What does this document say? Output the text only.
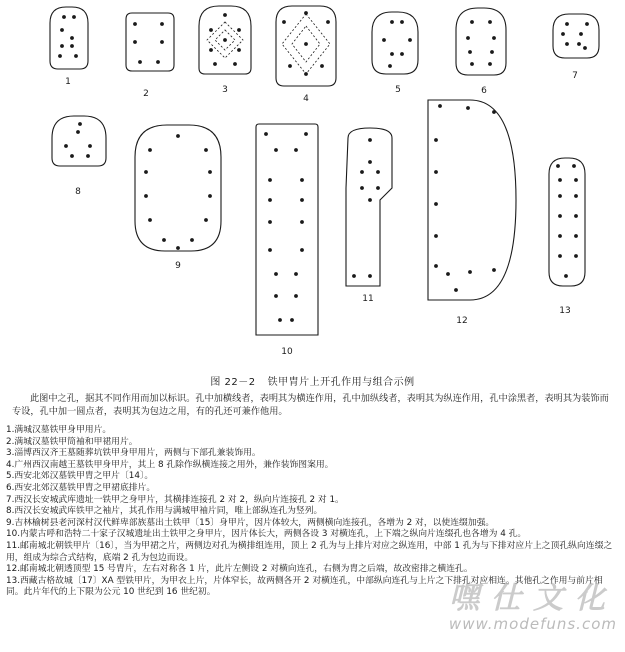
1
2	3
4
5	6
7
8
9
10
11
12
13
图 22－2 铁甲胄片上开孔作用与组合示例

此图中之孔，据其不同作用而加以标识。孔中加横线者，表明其为横连作用，孔中加纵线者，表明其为纵连作用，孔中涂黑者，表明其为装饰而专设，孔中加一圆点者，表明其为包边之用，有的孔还可兼作他用。

1.满城汉墓铁甲身甲用片。
2.满城汉墓铁甲筒袖和甲裙用片。
3.淄博西汉齐王墓随葬坑铁甲身甲用片，两侧与下部孔兼装饰用。
4.广州西汉南越王墓铁甲身甲片，其上 8 孔除作纵横连接之用外，兼作装饰图案用。
5.西安北郊汉墓铁甲胄之甲片〔14〕。
6.西安北郊汉墓铁甲胄之甲裙底排片。
7.西汉长安城武库遗址一铁甲之身甲片，其横排连接孔 2 对 2，纵向片连接孔 2 对 1。
8.西汉长安城武库铁甲之袖片，其孔作用与满城甲袖片同，唯上部纵连孔为竖列。
9.吉林榆树县老河深村汉代鲜卑部族墓出土铁甲〔15〕身甲片，因片体较大，两侧横向连接孔，各增为 2 对，以使连缀加强。
10.内蒙古呼和浩特二十家子汉城遗址出土铁甲之身甲片，因片体长大，两侧各设 3 对横连孔，上下端之纵向片连缀孔也各增为 4 孔。
11.邮南城北朝铁甲片〔16〕，当为甲裙之片，两侧边对孔为横排组连用，顶上 2 孔为与上排片对应之纵连用，中部 1 孔为与下排对应片上之顶孔纵向连缀之用，组成为综合式结构，底端 2 孔为包边而设。
12.邮南城北朝透顶型 15 号胄片，左右对称各 1 片，此片左侧设 2 对横向连孔，右侧为胄之后端，故改密排之横连孔。
13.西藏古格故城〔17〕XA 型铁甲片，为甲衣上片，片体窄长，故两侧各开 2 对横连孔，中部纵向连孔与上片之下排孔对应相连。其他孔之作用与前片相同。此片年代的上下限为公元 10 世纪到 16 世纪初。	嘿仕文化
www.modefuns.com
